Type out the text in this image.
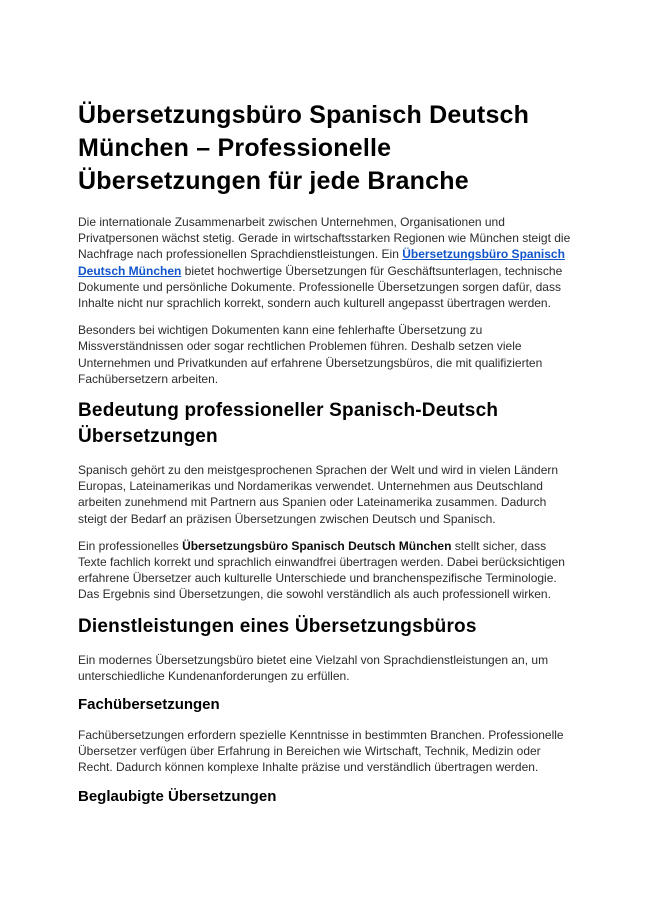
Übersetzungsbüro Spanisch Deutsch München – Professionelle Übersetzungen für jede Branche

Die internationale Zusammenarbeit zwischen Unternehmen, Organisationen und Privatpersonen wächst stetig. Gerade in wirtschaftsstarken Regionen wie München steigt die Nachfrage nach professionellen Sprachdienstleistungen. Ein Übersetzungsbüro Spanisch Deutsch München bietet hochwertige Übersetzungen für Geschäftsunterlagen, technische Dokumente und persönliche Dokumente. Professionelle Übersetzungen sorgen dafür, dass Inhalte nicht nur sprachlich korrekt, sondern auch kulturell angepasst übertragen werden.

Besonders bei wichtigen Dokumenten kann eine fehlerhafte Übersetzung zu Missverständnissen oder sogar rechtlichen Problemen führen. Deshalb setzen viele Unternehmen und Privatkunden auf erfahrene Übersetzungsbüros, die mit qualifizierten Fachübersetzern arbeiten.

Bedeutung professioneller Spanisch-Deutsch Übersetzungen

Spanisch gehört zu den meistgesprochenen Sprachen der Welt und wird in vielen Ländern Europas, Lateinamerikas und Nordamerikas verwendet. Unternehmen aus Deutschland arbeiten zunehmend mit Partnern aus Spanien oder Lateinamerika zusammen. Dadurch steigt der Bedarf an präzisen Übersetzungen zwischen Deutsch und Spanisch.

Ein professionelles Übersetzungsbüro Spanisch Deutsch München stellt sicher, dass Texte fachlich korrekt und sprachlich einwandfrei übertragen werden. Dabei berücksichtigen erfahrene Übersetzer auch kulturelle Unterschiede und branchenspezifische Terminologie. Das Ergebnis sind Übersetzungen, die sowohl verständlich als auch professionell wirken.

Dienstleistungen eines Übersetzungsbüros

Ein modernes Übersetzungsbüro bietet eine Vielzahl von Sprachdienstleistungen an, um unterschiedliche Kundenanforderungen zu erfüllen.

Fachübersetzungen

Fachübersetzungen erfordern spezielle Kenntnisse in bestimmten Branchen. Professionelle Übersetzer verfügen über Erfahrung in Bereichen wie Wirtschaft, Technik, Medizin oder Recht. Dadurch können komplexe Inhalte präzise und verständlich übertragen werden.

Beglaubigte Übersetzungen
